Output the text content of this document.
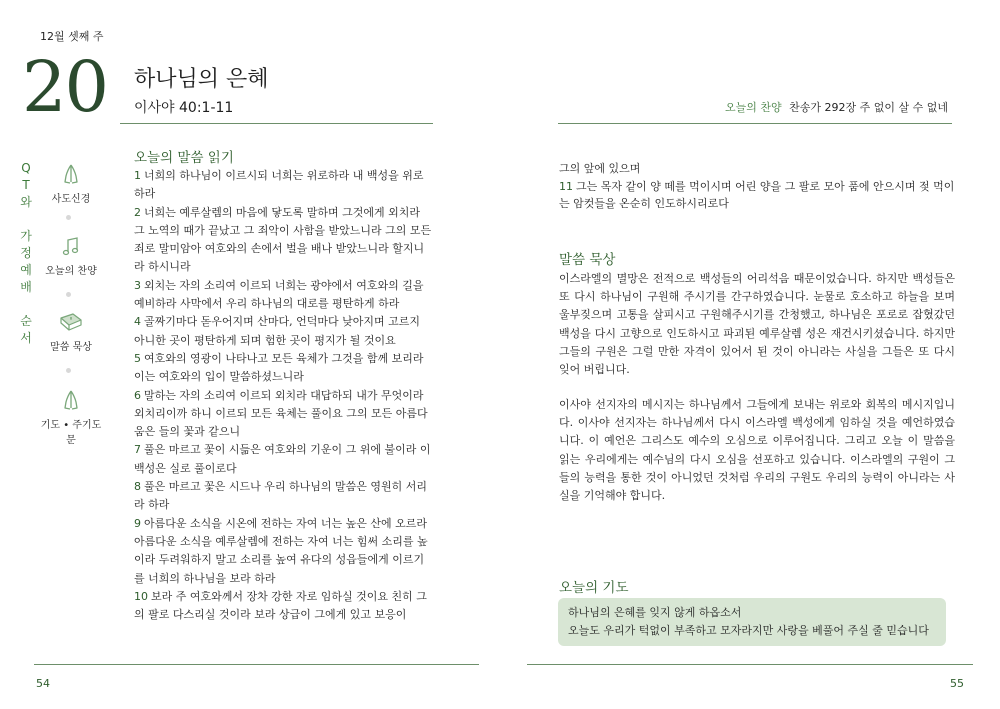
12월 셋째 주
20 하나님의 은혜
이사야 40:1-11	오늘의 찬양 찬송가 292장 주 없이 살 수 없네
Q
T
와
가
정
예
배
순
서
사도신경
오늘의 찬양
말씀 묵상
기도 • 주기도문
오늘의 말씀 읽기
1 너희의 하나님이 이르시되 너희는 위로하라 내 백성을 위로하라
2 너희는 예루살렘의 마음에 닿도록 말하며 그것에게 외치라 그 노역의 때가 끝났고 그 죄악이 사함을 받았느니라 그의 모든 죄로 말미암아 여호와의 손에서 벌을 배나 받았느니라 할지니라 하시니라
3 외치는 자의 소리여 이르되 너희는 광야에서 여호와의 길을 예비하라 사막에서 우리 하나님의 대로를 평탄하게 하라
4 골짜기마다 돋우어지며 산마다, 언덕마다 낮아지며 고르지 아니한 곳이 평탄하게 되며 험한 곳이 평지가 될 것이요
5 여호와의 영광이 나타나고 모든 육체가 그것을 함께 보리라 이는 여호와의 입이 말씀하셨느니라
6 말하는 자의 소리여 이르되 외치라 대답하되 내가 무엇이라 외치리이까 하니 이르되 모든 육체는 풀이요 그의 모든 아름다움은 들의 꽃과 같으니
7 풀은 마르고 꽃이 시듦은 여호와의 기운이 그 위에 불이라 이 백성은 실로 풀이로다
8 풀은 마르고 꽃은 시드나 우리 하나님의 말씀은 영원히 서리라 하라
9 아름다운 소식을 시온에 전하는 자여 너는 높은 산에 오르라 아름다운 소식을 예루살렘에 전하는 자여 너는 힘써 소리를 높이라 두려워하지 말고 소리를 높여 유다의 성읍들에게 이르기를 너희의 하나님을 보라 하라
10 보라 주 여호와께서 장차 강한 자로 임하실 것이요 친히 그의 팔로 다스리실 것이라 보라 상급이 그에게 있고 보응이
그의 앞에 있으며
11 그는 목자 같이 양 떼를 먹이시며 어린 양을 그 팔로 모아 품에 안으시며 젖 먹이는 암컷들을 온순히 인도하시리로다
말씀 묵상
이스라엘의 멸망은 전적으로 백성들의 어리석음 때문이었습니다. 하지만 백성들은 또 다시 하나님이 구원해 주시기를 간구하였습니다. 눈물로 호소하고 하늘을 보며 울부짖으며 고통을 살피시고 구원해주시기를 간청했고, 하나님은 포로로 잡혔갔던 백성을 다시 고향으로 인도하시고 파괴된 예루살렘 성은 재건시키셨습니다. 하지만 그들의 구원은 그럴 만한 자격이 있어서 된 것이 아니라는 사실을 그들은 또 다시 잊어 버립니다.
이사야 선지자의 메시지는 하나님께서 그들에게 보내는 위로와 회복의 메시지입니다. 이사야 선지자는 하나님께서 다시 이스라엘 백성에게 임하실 것을 예언하였습니다. 이 예언은 그리스도 예수의 오심으로 이루어집니다. 그리고 오늘 이 말씀을 읽는 우리에게는 예수님의 다시 오심을 선포하고 있습니다. 이스라엘의 구원이 그들의 능력을 통한 것이 아니었던 것처럼 우리의 구원도 우리의 능력이 아니라는 사실을 기억해야 합니다.
오늘의 기도
하나님의 은혜를 잊지 않게 하옵소서
오늘도 우리가 턱없이 부족하고 모자라지만 사랑을 베풀어 주실 줄 믿습니다
54	55
